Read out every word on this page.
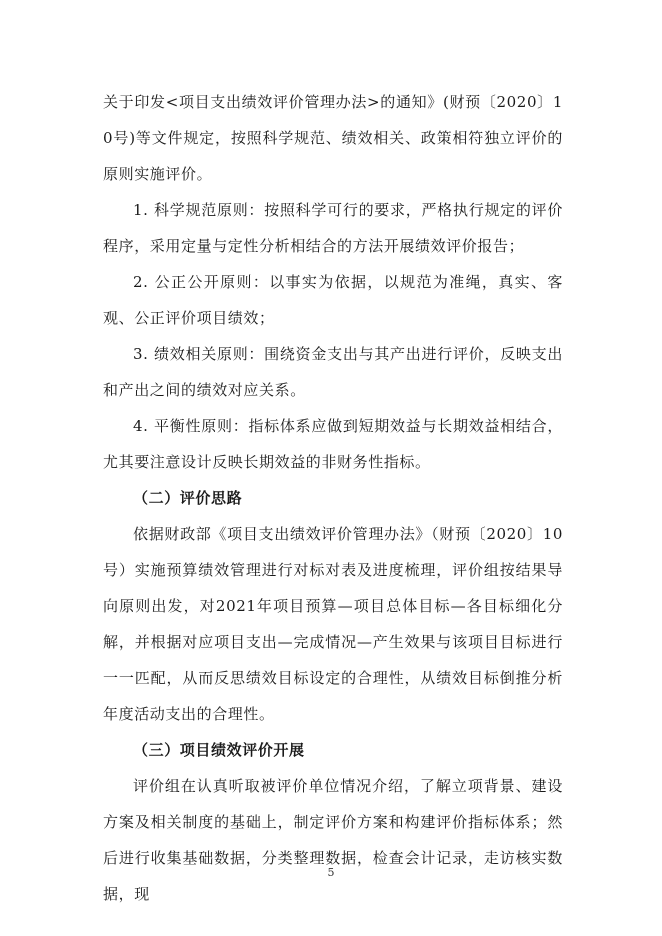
关于印发<项目支出绩效评价管理办法>的通知》(财预〔2020〕10号)等文件规定，按照科学规范、绩效相关、政策相符独立评价的原则实施评价。

1. 科学规范原则：按照科学可行的要求，严格执行规定的评价程序，采用定量与定性分析相结合的方法开展绩效评价报告；

2. 公正公开原则：以事实为依据，以规范为准绳，真实、客观、公正评价项目绩效；

3. 绩效相关原则：围绕资金支出与其产出进行评价，反映支出和产出之间的绩效对应关系。

4. 平衡性原则：指标体系应做到短期效益与长期效益相结合，尤其要注意设计反映长期效益的非财务性指标。

（二）评价思路

依据财政部《项目支出绩效评价管理办法》（财预〔2020〕10号）实施预算绩效管理进行对标对表及进度梳理，评价组按结果导向原则出发，对2021年项目预算—项目总体目标—各目标细化分解，并根据对应项目支出—完成情况—产生效果与该项目目标进行一一匹配，从而反思绩效目标设定的合理性，从绩效目标倒推分析年度活动支出的合理性。

（三）项目绩效评价开展

评价组在认真听取被评价单位情况介绍，了解立项背景、建设方案及相关制度的基础上，制定评价方案和构建评价指标体系；然后进行收集基础数据，分类整理数据，检查会计记录，走访核实数据，现

5
